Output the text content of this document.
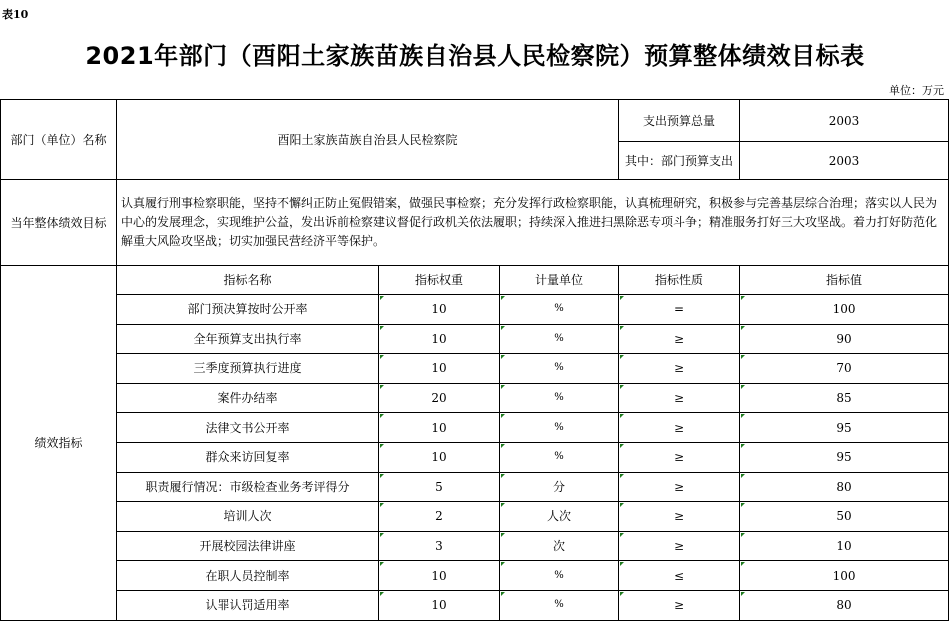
表10
2021年部门（酉阳土家族苗族自治县人民检察院）预算整体绩效目标表
单位：万元
部门（单位）名称	酉阳土家族苗族自治县人民检察院			支出预算总量	2003
				其中：部门预算支出	2003
当年整体绩效目标	认真履行刑事检察职能，坚持不懈纠正防止冤假错案，做强民事检察；充分发挥行政检察职能，认真梳理研究，积极参与完善基层综合治理；落实以人民为中心的发展理念，实现维护公益，发出诉前检察建议督促行政机关依法履职；持续深入推进扫黑除恶专项斗争；精准服务打好三大攻坚战。着力打好防范化解重大风险攻坚战；切实加强民营经济平等保护。				
绩效指标	指标名称	指标权重	计量单位	指标性质	指标值
	部门预决算按时公开率	10	%	=	100
	全年预算支出执行率	10	%	≥	90
	三季度预算执行进度	10	%	≥	70
	案件办结率	20	%	≥	85
	法律文书公开率	10	%	≥	95
	群众来访回复率	10	%	≥	95
	职责履行情况：市级检查业务考评得分	5	分	≥	80
	培训人次	2	人次	≥	50
	开展校园法律讲座	3	次	≥	10
	在职人员控制率	10	%	≤	100
	认罪认罚适用率	10	%	≥	80
